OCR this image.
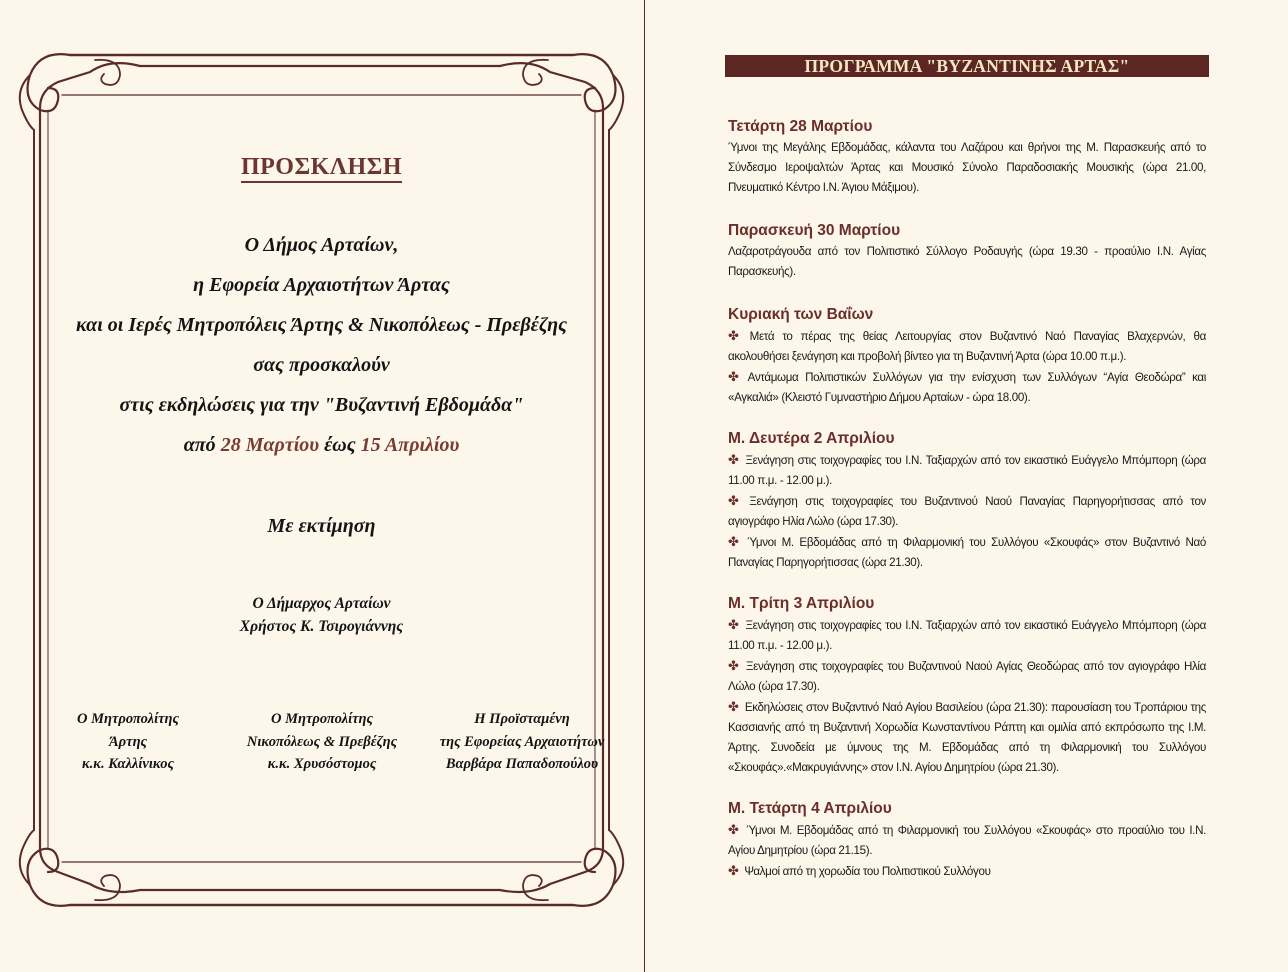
ΠΡΟΣΚΛΗΣΗ
Ο Δήμος Αρταίων,
η Εφορεία Αρχαιοτήτων Άρτας
και οι Ιερές Μητροπόλεις Άρτης & Νικοπόλεως - Πρεβέζης
σας προσκαλούν
στις εκδηλώσεις για την "Βυζαντινή Εβδομάδα"
από 28 Μαρτίου έως 15 Απριλίου
Με εκτίμηση
Ο Δήμαρχος Αρταίων
Χρήστος Κ. Τσιρογιάννης
Ο Μητροπολίτης
Άρτης
κ.κ. Καλλίνικος
Ο Μητροπολίτης
Νικοπόλεως & Πρεβέζης
κ.κ. Χρυσόστομος
Η Προϊσταμένη
της Εφορείας Αρχαιοτήτων
Βαρβάρα Παπαδοπούλου
ΠΡΟΓΡΑΜΜΑ "ΒΥΖΑΝΤΙΝΗΣ ΑΡΤΑΣ"
Τετάρτη 28 Μαρτίου
Ύμνοι της Μεγάλης Εβδομάδας, κάλαντα του Λαζάρου και θρήνοι της Μ. Παρασκευής από το Σύνδεσμο Ιεροψαλτών Άρτας και Μουσικό Σύνολο Παραδοσιακής Μουσικής (ώρα 21.00, Πνευματικό Κέντρο Ι.Ν. Άγιου Μάξιμου).
Παρασκευή 30 Μαρτίου
Λαζαροτράγουδα από τον Πολιτιστικό Σύλλογο Ροδαυγής (ώρα 19.30 - προαύλιο Ι.Ν. Αγίας Παρασκευής).
Κυριακή των Βαΐων
✤ Μετά το πέρας της θείας Λειτουργίας στον Βυζαντινό Ναό Παναγίας Βλαχερνών, θα ακολουθήσει ξενάγηση και προβολή βίντεο για τη Βυζαντινή Άρτα (ώρα 10.00 π.μ.).
✤ Αντάμωμα Πολιτιστικών Συλλόγων για την ενίσχυση των Συλλόγων “Αγία Θεοδώρα” και «Αγκαλιά» (Κλειστό Γυμναστήριο Δήμου Αρταίων - ώρα 18.00).
Μ. Δευτέρα 2 Απριλίου
✤ Ξενάγηση στις τοιχογραφίες του Ι.Ν. Ταξιαρχών από τον εικαστικό Ευάγγελο Μπόμπορη (ώρα 11.00 π.μ. - 12.00 μ.).
✤ Ξενάγηση στις τοιχογραφίες του Βυζαντινού Ναού Παναγίας Παρηγορήτισσας από τον αγιογράφο Ηλία Λώλο (ώρα 17.30).
✤ Ύμνοι Μ. Εβδομάδας από τη Φιλαρμονική του Συλλόγου «Σκουφάς» στον Βυζαντινό Ναό Παναγίας Παρηγορήτισσας (ώρα 21.30).
Μ. Τρίτη 3 Απριλίου
✤ Ξενάγηση στις τοιχογραφίες του Ι.Ν. Ταξιαρχών από τον εικαστικό Ευάγγελο Μπόμπορη (ώρα 11.00 π.μ. - 12.00 μ.).
✤ Ξενάγηση στις τοιχογραφίες του Βυζαντινού Ναού Αγίας Θεοδώρας από τον αγιογράφο Ηλία Λώλο (ώρα 17.30).
✤ Εκδηλώσεις στον Βυζαντινό Ναό Αγίου Βασιλείου (ώρα 21.30): παρουσίαση του Τροπάριου της Κασσιανής από τη Βυζαντινή Χορωδία Κωνσταντίνου Ράπτη και ομιλία από εκπρόσωπο της Ι.Μ. Άρτης. Συνοδεία με ύμνους της Μ. Εβδομάδας από τη Φιλαρμονική του Συλλόγου «Σκουφάς».«Μακρυγιάννης» στον Ι.Ν. Αγίου Δημητρίου (ώρα 21.30).
Μ. Τετάρτη 4 Απριλίου
✤ Ύμνοι Μ. Εβδομάδας από τη Φιλαρμονική του Συλλόγου «Σκουφάς» στο προαύλιο του Ι.Ν. Αγίου Δημητρίου (ώρα 21.15).
✤ Ψαλμοί από τη χορωδία του Πολιτιστικού Συλλόγου
